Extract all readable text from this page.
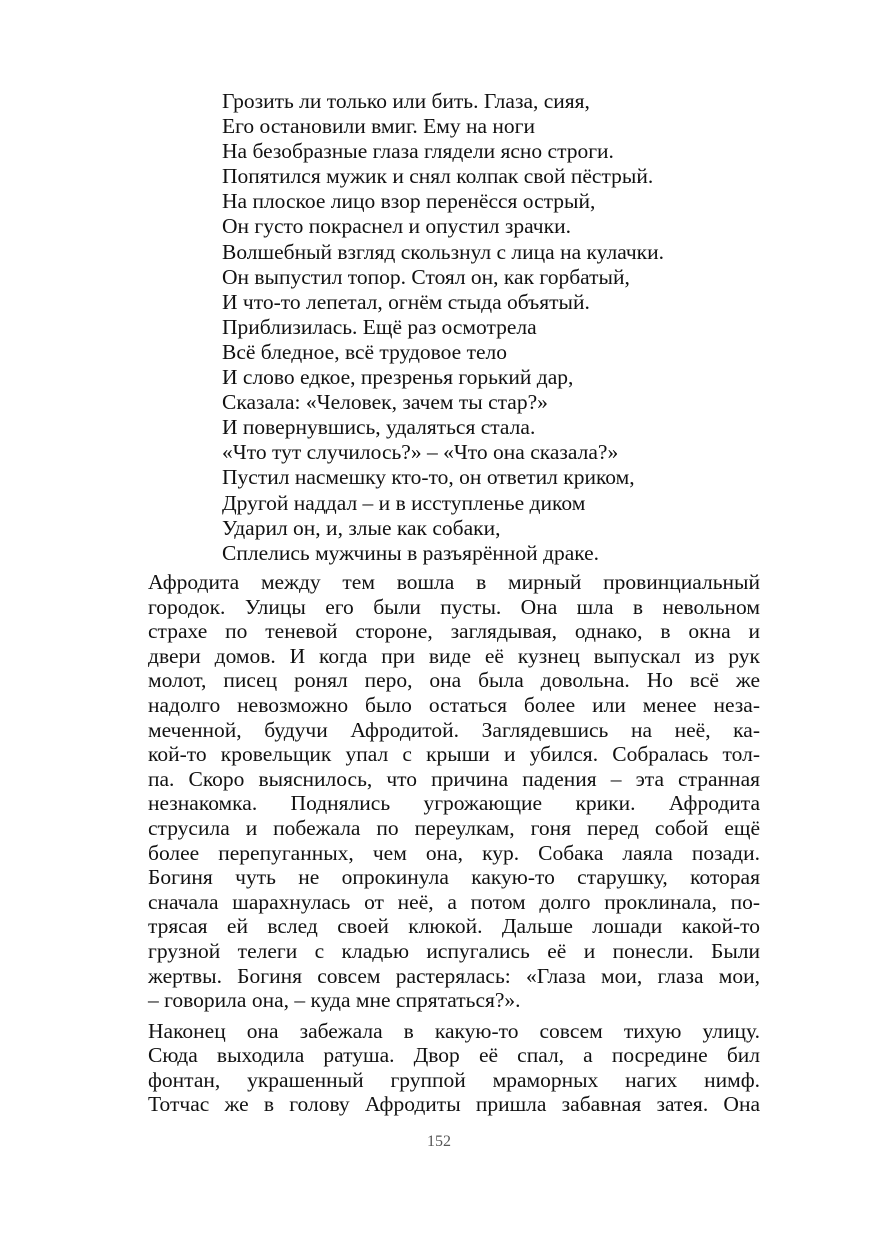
Грозить ли только или бить. Глаза, сияя,
Его остановили вмиг. Ему на ноги
На безобразные глаза глядели ясно строги.
Попятился мужик и снял колпак свой пёстрый.
На плоское лицо взор перенёсся острый,
Он густо покраснел и опустил зрачки.
Волшебный взгляд скользнул с лица на кулачки.
Он выпустил топор. Стоял он, как горбатый,
И что-то лепетал, огнём стыда объятый.
Приблизилась. Ещё раз осмотрела
Всё бледное, всё трудовое тело
И слово едкое, презренья горький дар,
Сказала: «Человек, зачем ты стар?»
И повернувшись, удаляться стала.
«Что тут случилось?» – «Что она сказала?»
Пустил насмешку кто-то, он ответил криком,
Другой наддал – и в исступленье диком
Ударил он, и, злые как собаки,
Сплелись мужчины в разъярённой драке.
Афродита между тем вошла в мирный провинциальный
городок. Улицы его были пусты. Она шла в невольном
страхе по теневой стороне, заглядывая, однако, в окна и
двери домов. И когда при виде её кузнец выпускал из рук
молот, писец ронял перо, она была довольна. Но всё же
надолго невозможно было остаться более или менее неза-
меченной, будучи Афродитой. Заглядевшись на неё, ка-
кой-то кровельщик упал с крыши и убился. Собралась тол-
па. Скоро выяснилось, что причина падения – эта странная
незнакомка. Поднялись угрожающие крики. Афродита
струсила и побежала по переулкам, гоня перед собой ещё
более перепуганных, чем она, кур. Собака лаяла позади.
Богиня чуть не опрокинула какую-то старушку, которая
сначала шарахнулась от неё, а потом долго проклинала, по-
трясая ей вслед своей клюкой. Дальше лошади какой-то
грузной телеги с кладью испугались её и понесли. Были
жертвы. Богиня совсем растерялась: «Глаза мои, глаза мои,
– говорила она, – куда мне спрятаться?».
Наконец она забежала в какую-то совсем тихую улицу.
Сюда выходила ратуша. Двор её спал, а посредине бил
фонтан, украшенный группой мраморных нагих нимф.
Тотчас же в голову Афродиты пришла забавная затея. Она
152
